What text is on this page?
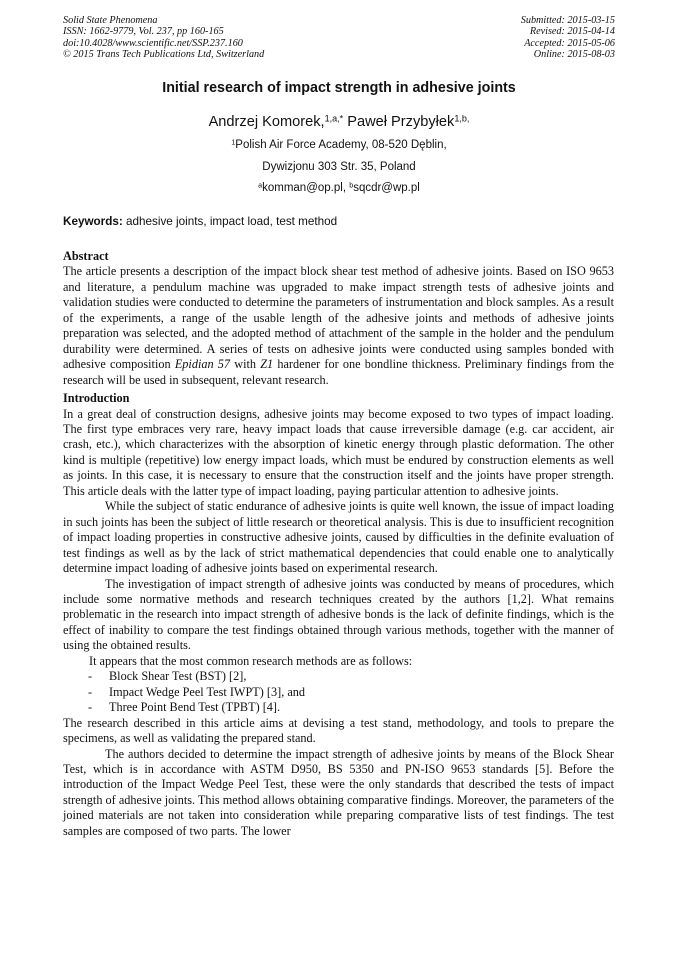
Solid State Phenomena
ISSN: 1662-9779, Vol. 237, pp 160-165
doi:10.4028/www.scientific.net/SSP.237.160
© 2015 Trans Tech Publications Ltd, Switzerland
Submitted: 2015-03-15
Revised: 2015-04-14
Accepted: 2015-05-06
Online: 2015-08-03
Initial research of impact strength in adhesive joints
Andrzej Komorek,$^{1,a,*}$ Paweł Przybyłek$^{1,b,}$
$^1$Polish Air Force Academy, 08-520 Dęblin,
Dywizjonu 303 Str. 35, Poland
$^a$komman@op.pl, $^b$sqcdr@wp.pl
Keywords: adhesive joints, impact load, test method
Abstract

The article presents a description of the impact block shear test method of adhesive joints. Based on ISO 9653 and literature, a pendulum machine was upgraded to make impact strength tests of adhesive joints and validation studies were conducted to determine the parameters of instrumentation and block samples. As a result of the experiments, a range of the usable length of the adhesive joints and methods of adhesive joints preparation was selected, and the adopted method of attachment of the sample in the holder and the pendulum durability were determined. A series of tests on adhesive joints were conducted using samples bonded with adhesive composition Epidian 57 with Z1 hardener for one bondline thickness. Preliminary findings from the research will be used in subsequent, relevant research.

Introduction

In a great deal of construction designs, adhesive joints may become exposed to two types of impact loading. The first type embraces very rare, heavy impact loads that cause irreversible damage (e.g. car accident, air crash, etc.), which characterizes with the absorption of kinetic energy through plastic deformation. The other kind is multiple (repetitive) low energy impact loads, which must be endured by construction elements as well as joints. In this case, it is necessary to ensure that the construction itself and the joints have proper strength. This article deals with the latter type of impact loading, paying particular attention to adhesive joints.

While the subject of static endurance of adhesive joints is quite well known, the issue of impact loading in such joints has been the subject of little research or theoretical analysis. This is due to insufficient recognition of impact loading properties in constructive adhesive joints, caused by difficulties in the definite evaluation of test findings as well as by the lack of strict mathematical dependencies that could enable one to analytically determine impact loading of adhesive joints based on experimental research.

The investigation of impact strength of adhesive joints was conducted by means of procedures, which include some normative methods and research techniques created by the authors [1,2]. What remains problematic in the research into impact strength of adhesive bonds is the lack of definite findings, which is the effect of inability to compare the test findings obtained through various methods, together with the manner of using the obtained results.

It appears that the most common research methods are as follows:

- Block Shear Test (BST) [2],
- Impact Wedge Peel Test IWPT) [3], and
- Three Point Bend Test (TPBT) [4].

The research described in this article aims at devising a test stand, methodology, and tools to prepare the specimens, as well as validating the prepared stand.

The authors decided to determine the impact strength of adhesive joints by means of the Block Shear Test, which is in accordance with ASTM D950, BS 5350 and PN-ISO 9653 standards [5]. Before the introduction of the Impact Wedge Peel Test, these were the only standards that described the tests of impact strength of adhesive joints. This method allows obtaining comparative findings. Moreover, the parameters of the joined materials are not taken into consideration while preparing comparative lists of test findings. The test samples are composed of two parts. The lower
